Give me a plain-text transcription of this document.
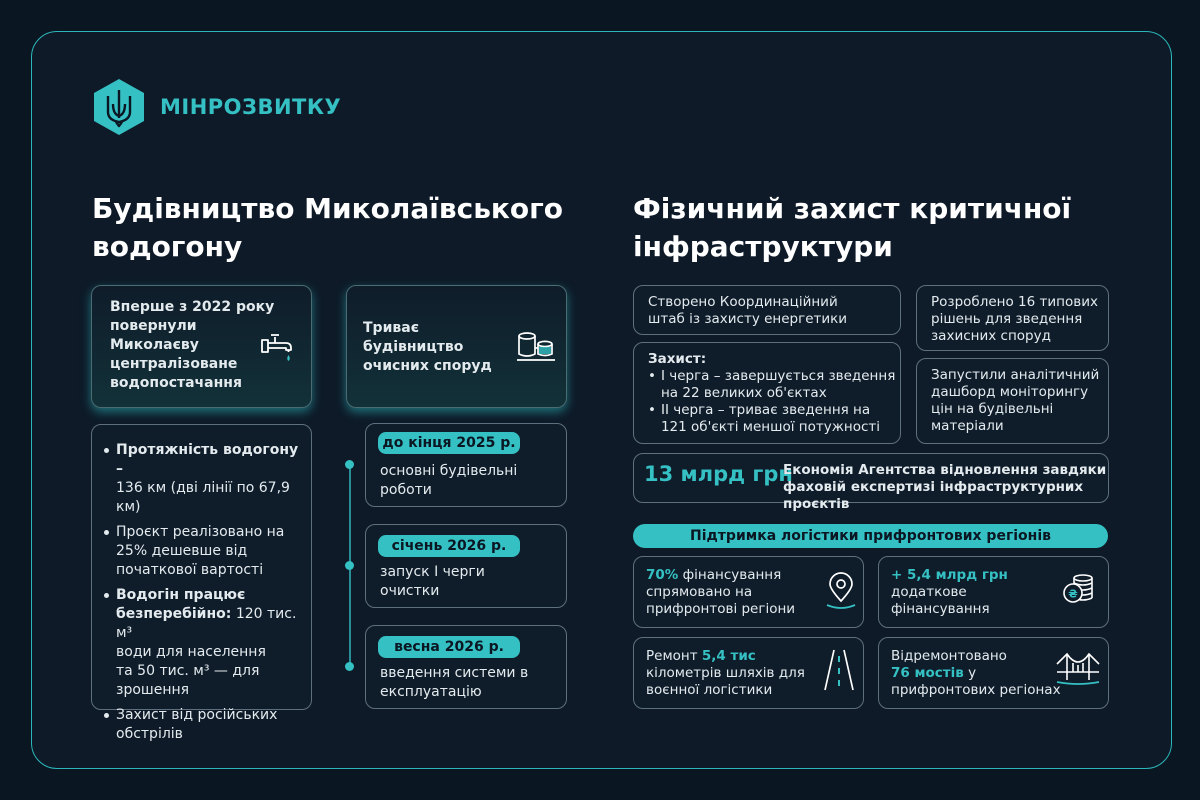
МІНРОЗВИТКУ
Будівництво Миколаївського
водогону
Фізичний захист критичної
інфраструктури
Вперше з 2022 року
повернули
Миколаєву
централізоване
водопостачання
Триває
будівництво
очисних споруд
Протяжність водогону –
136 км (дві лінії по 67,9 км)
Проєкт реалізовано на
25% дешевше від
початкової вартості
Водогін працює
безперебійно: 120 тис. м³
води для населення
та 50 тис. м³ — для
зрошення
Захист від російських
обстрілів
основні будівельні
роботи
до кінця 2025 р.
запуск І черги
очистки
січень 2026 р.
введення системи в
експлуатацію
весна 2026 р.
Створено Координаційний
штаб із захисту енергетики
Розроблено 16 типових
рішень для зведення
захисних споруд
Захист:
• І черга – завершується зведення
на 22 великих об'єктах
• ІІ черга – триває зведення на
121 об'єкті меншої потужності
Запустили аналітичний
дашборд моніторингу
цін на будівельні
матеріали
13 млрд грн
Економія Агентства відновлення завдяки
фаховій експертизі інфраструктурних проєктів
Підтримка логістики прифронтових регіонів
70% фінансування
спрямовано на
прифронтові регіони
+ 5,4 млрд грн
додаткове
фінансування
₴
Ремонт 5,4 тис
кілометрів шляхів для
воєнної логістики
Відремонтовано
76 мостів у
прифронтових регіонах
